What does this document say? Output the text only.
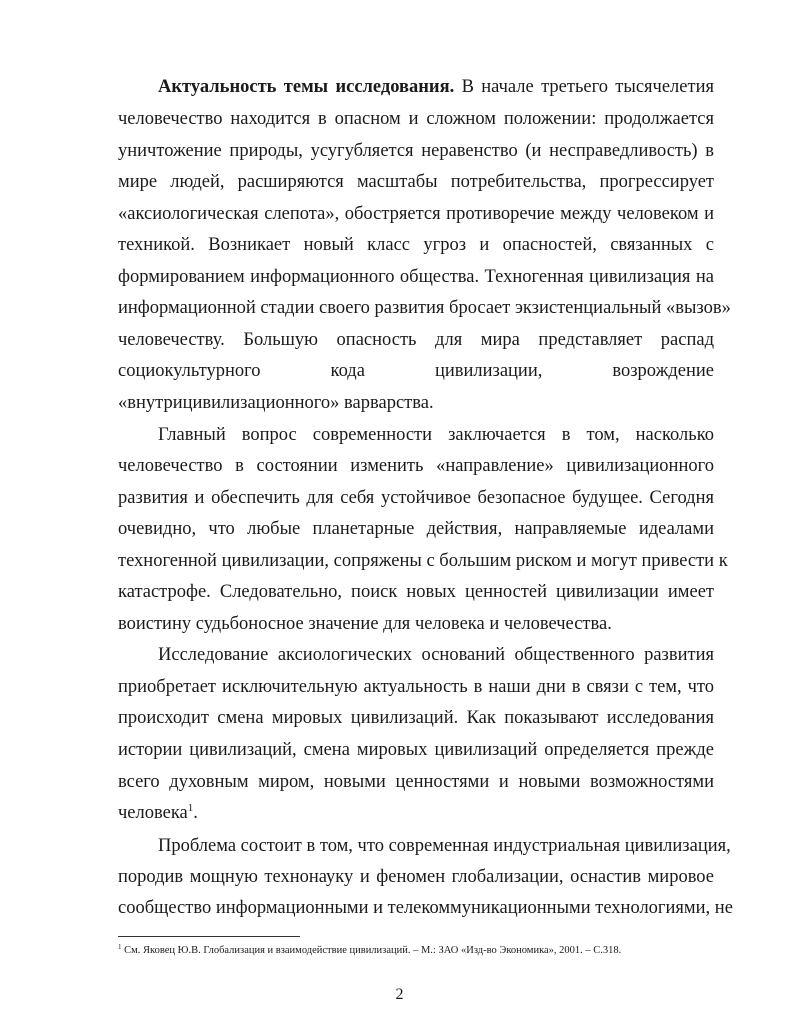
Актуальность темы исследования. В начале третьего тысячелетия
человечество находится в опасном и сложном положении: продолжается
уничтожение природы, усугубляется неравенство (и несправедливость) в
мире людей, расширяются масштабы потребительства, прогрессирует
«аксиологическая слепота», обостряется противоречие между человеком и
техникой. Возникает новый класс угроз и опасностей, связанных с
формированием информационного общества. Техногенная цивилизация на
информационной стадии своего развития бросает экзистенциальный «вызов»
человечеству. Большую опасность для мира представляет распад
социокультурного кода цивилизации, возрождение
«внутрицивилизационного» варварства.
Главный вопрос современности заключается в том, насколько
человечество в состоянии изменить «направление» цивилизационного
развития и обеспечить для себя устойчивое безопасное будущее. Сегодня
очевидно, что любые планетарные действия, направляемые идеалами
техногенной цивилизации, сопряжены с большим риском и могут привести к
катастрофе. Следовательно, поиск новых ценностей цивилизации имеет
воистину судьбоносное значение для человека и человечества.
Исследование аксиологических оснований общественного развития
приобретает исключительную актуальность в наши дни в связи с тем, что
происходит смена мировых цивилизаций. Как показывают исследования
истории цивилизаций, смена мировых цивилизаций определяется прежде
всего духовным миром, новыми ценностями и новыми возможностями
человека$^1$.
Проблема состоит в том, что современная индустриальная цивилизация,
породив мощную технонауку и феномен глобализации, оснастив мировое
сообщество информационными и телекоммуникационными технологиями, не
$^1$ См. Яковец Ю.В. Глобализация и взаимодействие цивилизаций. – М.: ЗАО «Изд-во Экономика», 2001. – С.318.
2
